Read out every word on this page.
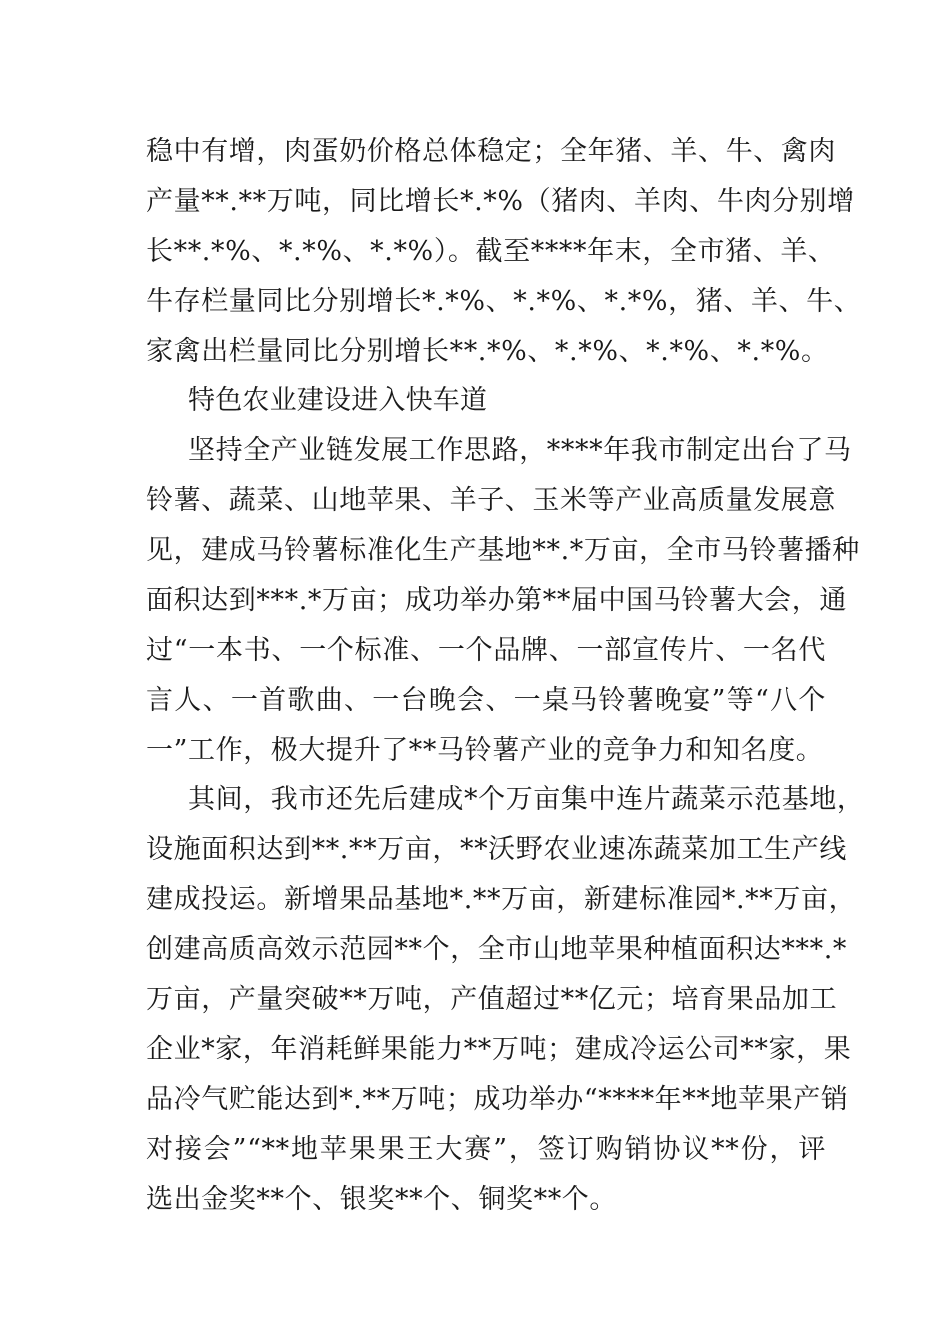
稳中有增，肉蛋奶价格总体稳定；全年猪、羊、牛、禽肉
产量**.**万吨，同比增长*.*%（猪肉、羊肉、牛肉分别增
长**.*%、*.*%、*.*%）。截至****年末，全市猪、羊、
牛存栏量同比分别增长*.*%、*.*%、*.*%，猪、羊、牛、
家禽出栏量同比分别增长**.*%、*.*%、*.*%、*.*%。
特色农业建设进入快车道
坚持全产业链发展工作思路，****年我市制定出台了马
铃薯、蔬菜、山地苹果、羊子、玉米等产业高质量发展意
见，建成马铃薯标准化生产基地**.*万亩，全市马铃薯播种
面积达到***.*万亩；成功举办第**届中国马铃薯大会，通
过“一本书、一个标准、一个品牌、一部宣传片、一名代
言人、一首歌曲、一台晚会、一桌马铃薯晚宴”等“八个
一”工作，极大提升了**马铃薯产业的竞争力和知名度。
其间，我市还先后建成*个万亩集中连片蔬菜示范基地，
设施面积达到**.**万亩，**沃野农业速冻蔬菜加工生产线
建成投运。新增果品基地*.**万亩，新建标准园*.**万亩，
创建高质高效示范园**个，全市山地苹果种植面积达***.*
万亩，产量突破**万吨，产值超过**亿元；培育果品加工
企业*家，年消耗鲜果能力**万吨；建成冷运公司**家，果
品冷气贮能达到*.**万吨；成功举办“****年**地苹果产销
对接会”“**地苹果果王大赛”，签订购销协议**份，评
选出金奖**个、银奖**个、铜奖**个。
